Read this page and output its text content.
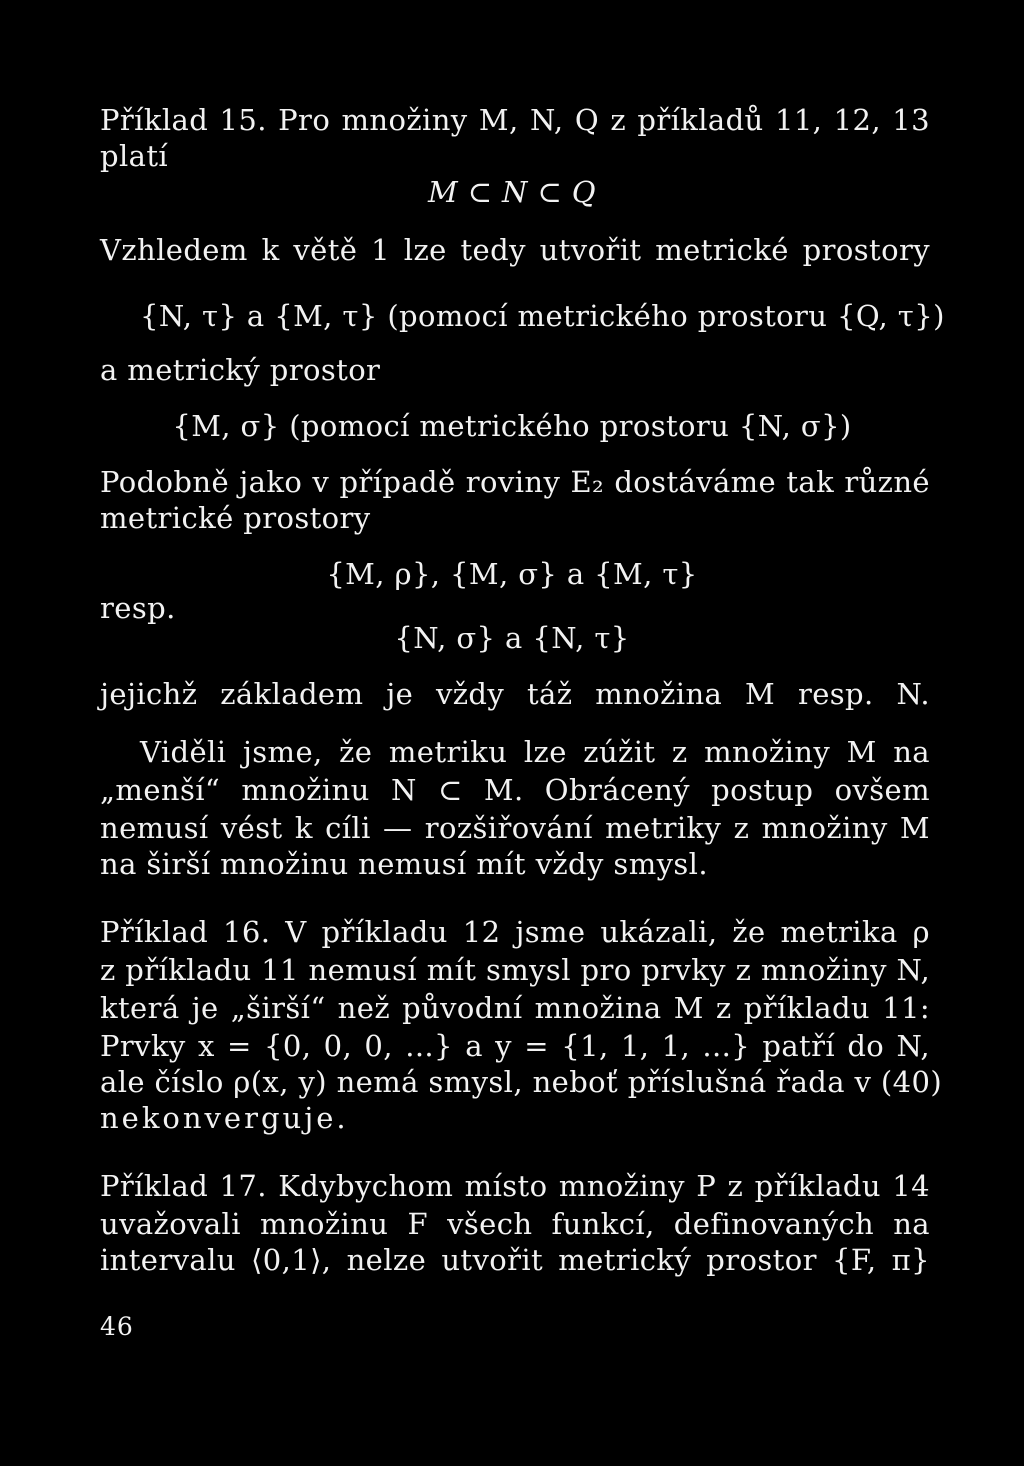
Příklad 15. Pro množiny M, N, Q z příkladů 11, 12, 13
platí
M ⊂ N ⊂ Q
Vzhledem k větě 1 lze tedy utvořit metrické prostory
{N, τ} a {M, τ} (pomocí metrického prostoru {Q, τ})
a metrický prostor
{M, σ} (pomocí metrického prostoru {N, σ})
Podobně jako v případě roviny E₂ dostáváme tak různé
metrické prostory
{M, ρ}, {M, σ} a {M, τ}
resp.
{N, σ} a {N, τ}
jejichž základem je vždy táž množina M resp. N.
Viděli jsme, že metriku lze zúžit z množiny M na
„menší“ množinu N ⊂ M. Obrácený postup ovšem
nemusí vést k cíli — rozšiřování metriky z množiny M
na širší množinu nemusí mít vždy smysl.
Příklad 16. V příkladu 12 jsme ukázali, že metrika ρ
z příkladu 11 nemusí mít smysl pro prvky z množiny N,
která je „širší“ než původní množina M z příkladu 11:
Prvky x = {0, 0, 0, ...} a y = {1, 1, 1, ...} patří do N,
ale číslo ρ(x, y) nemá smysl, neboť příslušná řada v (40)
nekonverguje.
Příklad 17. Kdybychom místo množiny P z příkladu 14
uvažovali množinu F všech funkcí, definovaných na
intervalu ⟨0,1⟩, nelze utvořit metrický prostor {F, π}
46
